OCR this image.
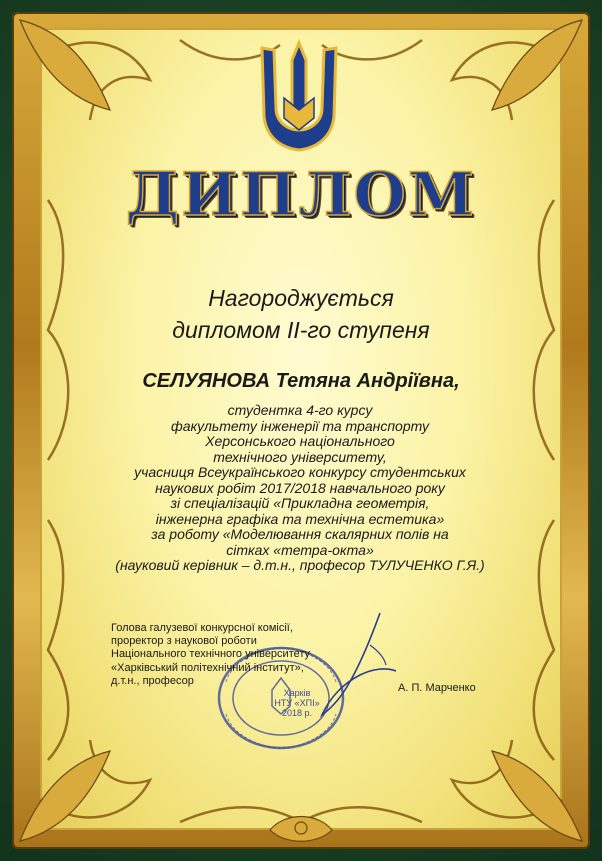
ДИПЛОМ
Нагороджується
дипломом ІІ-го ступеня
СЕЛУЯНОВА Тетяна Андріївна,
студентка 4-го курсу
факультету інженерії та транспорту
Херсонського національного
технічного університету,
учасниця Всеукраїнського конкурсу студентських
наукових робіт 2017/2018 навчального року
зі спеціалізацій «Прикладна геометрія,
інженерна графіка та технічна естетика»
за роботу «Моделювання скалярних полів на
сітках «тетра-окта»
(науковий керівник – д.т.н., професор ТУЛУЧЕНКО Г.Я.)
Харків
НТУ «ХПІ»
2018 р.
Голова галузевої конкурсної комісії,
проректор з наукової роботи
Національного технічного університету
«Харківський політехнічний інститут»,
д.т.н., професор
А. П. Марченко
